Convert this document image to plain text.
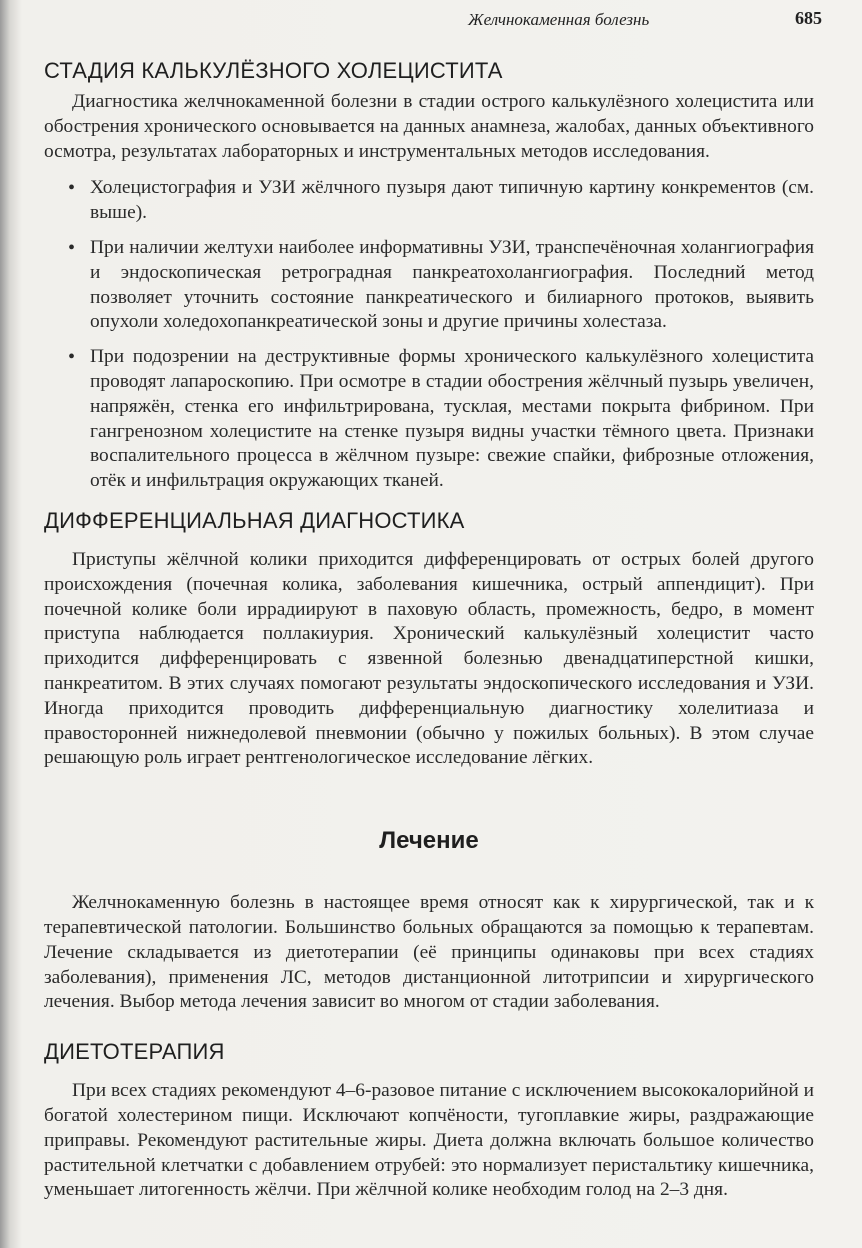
Желчнокаменная болезнь	685
СТАДИЯ КАЛЬКУЛЁЗНОГО ХОЛЕЦИСТИТА

Диагностика желчнокаменной болезни в стадии острого калькулёзного холецистита или обострения хронического основывается на данных анамнеза, жалобах, данных объективного осмотра, результатах лабораторных и инструментальных методов исследования.

• Холецистография и УЗИ жёлчного пузыря дают типичную картину конкрементов (см. выше).
• При наличии желтухи наиболее информативны УЗИ, транспечёночная холангиография и эндоскопическая ретроградная панкреатохолангиография. Последний метод позволяет уточнить состояние панкреатического и билиарного протоков, выявить опухоли холедохопанкреатической зоны и другие причины холестаза.
• При подозрении на деструктивные формы хронического калькулёзного холецистита проводят лапароскопию. При осмотре в стадии обострения жёлчный пузырь увеличен, напряжён, стенка его инфильтрирована, тусклая, местами покрыта фибрином. При гангренозном холецистите на стенке пузыря видны участки тёмного цвета. Признаки воспалительного процесса в жёлчном пузыре: свежие спайки, фиброзные отложения, отёк и инфильтрация окружающих тканей.
ДИФФЕРЕНЦИАЛЬНАЯ ДИАГНОСТИКА

Приступы жёлчной колики приходится дифференцировать от острых болей другого происхождения (почечная колика, заболевания кишечника, острый аппендицит). При почечной колике боли иррадиируют в паховую область, промежность, бедро, в момент приступа наблюдается поллакиурия. Хронический калькулёзный холецистит часто приходится дифференцировать с язвенной болезнью двенадцатиперстной кишки, панкреатитом. В этих случаях помогают результаты эндоскопического исследования и УЗИ. Иногда приходится проводить дифференциальную диагностику холелитиаза и правосторонней нижнедолевой пневмонии (обычно у пожилых больных). В этом случае решающую роль играет рентгенологическое исследование лёгких.

Лечение

Желчнокаменную болезнь в настоящее время относят как к хирургической, так и к терапевтической патологии. Большинство больных обращаются за помощью к терапевтам. Лечение складывается из диетотерапии (её принципы одинаковы при всех стадиях заболевания), применения ЛС, методов дистанционной литотрипсии и хирургического лечения. Выбор метода лечения зависит во многом от стадии заболевания.

ДИЕТОТЕРАПИЯ

При всех стадиях рекомендуют 4–6-разовое питание с исключением высококалорийной и богатой холестерином пищи. Исключают копчёности, тугоплавкие жиры, раздражающие приправы. Рекомендуют растительные жиры. Диета должна включать большое количество растительной клетчатки с добавлением отрубей: это нормализует перистальтику кишечника, уменьшает литогенность жёлчи. При жёлчной колике необходим голод на 2–3 дня.
